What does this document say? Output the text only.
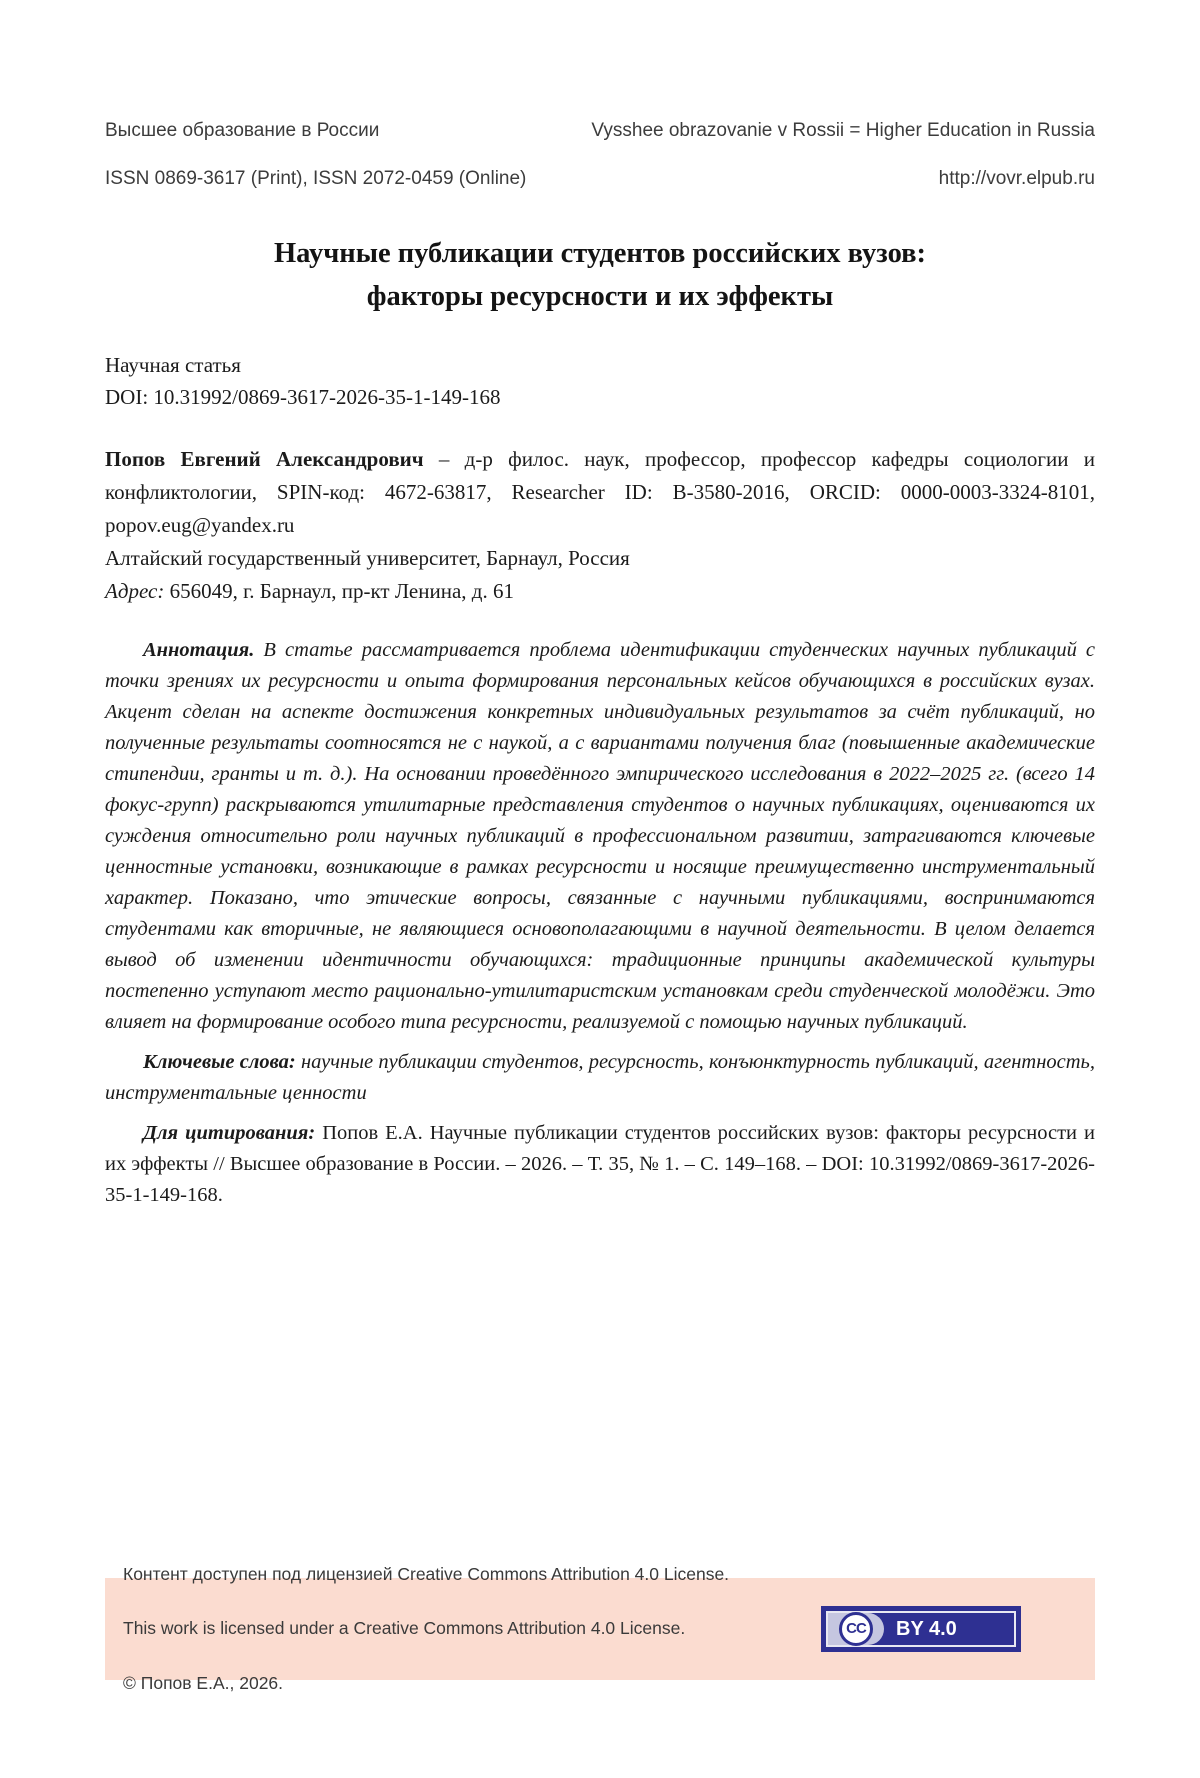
Высшее образование в России	Vysshee obrazovanie v Rossii = Higher Education in Russia
ISSN 0869-3617 (Print), ISSN 2072-0459 (Online)	http://vovr.elpub.ru
Научные публикации студентов российских вузов:
факторы ресурсности и их эффекты
Научная статья
DOI: 10.31992/0869-3617-2026-35-1-149-168

Попов Евгений Александрович – д-р филос. наук, профессор, профессор кафедры социологии и конфликтологии, SPIN-код: 4672-63817, Researcher ID: B-3580-2016, ORCID: 0000-0003-3324-8101, popov.eug@yandex.ru

Алтайский государственный университет, Барнаул, Россия

Адрес: 656049, г. Барнаул, пр-кт Ленина, д. 61

Аннотация. В статье рассматривается проблема идентификации студенческих научных публикаций с точки зрениях их ресурсности и опыта формирования персональных кейсов обучающихся в российских вузах. Акцент сделан на аспекте достижения конкретных индивидуальных результатов за счёт публикаций, но полученные результаты соотносятся не с наукой, а с вариантами получения благ (повышенные академические стипендии, гранты и т. д.). На основании проведённого эмпирического исследования в 2022–2025 гг. (всего 14 фокус-групп) раскрываются утилитарные представления студентов о научных публикациях, оцениваются их суждения относительно роли научных публикаций в профессиональном развитии, затрагиваются ключевые ценностные установки, возникающие в рамках ресурсности и носящие преимущественно инструментальный характер. Показано, что этические вопросы, связанные с научными публикациями, воспринимаются студентами как вторичные, не являющиеся основополагающими в научной деятельности. В целом делается вывод об изменении идентичности обучающихся: традиционные принципы академической культуры постепенно уступают место рационально-утилитаристским установкам среди студенческой молодёжи. Это влияет на формирование особого типа ресурсности, реализуемой с помощью научных публикаций.

Ключевые слова: научные публикации студентов, ресурсность, конъюнктурность публикаций, агентность, инструментальные ценности

Для цитирования: Попов Е.А. Научные публикации студентов российских вузов: факторы ресурсности и их эффекты // Высшее образование в России. – 2026. – Т. 35, № 1. – С. 149–168. – DOI: 10.31992/0869-3617-2026-35-1-149-168.

Контент доступен под лицензией Creative Commons Attribution 4.0 License.

This work is licensed under a Creative Commons Attribution 4.0 License.

© Попов Е.А., 2026.

CC BY 4.0
